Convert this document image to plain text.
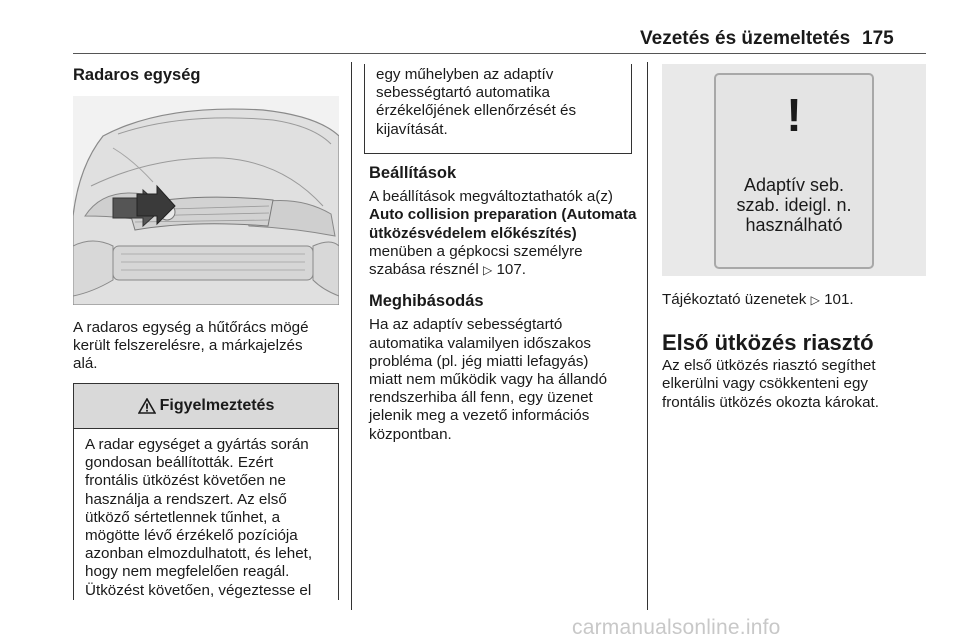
Vezetés és üzemeltetés 175
Radaros egység
A radaros egység a hűtőrács mögé
került felszerelésre, a márkajelzés
alá.
Figyelmeztetés
A radar egységet a gyártás során
gondosan beállították. Ezért
frontális ütközést követően ne
használja a rendszert. Az első
ütköző sértetlennek tűnhet, a
mögötte lévő érzékelő pozíciója
azonban elmozdulhatott, és lehet,
hogy nem megfelelően reagál.
Ütközést követően, végeztesse el
egy műhelyben az adaptív
sebességtartó automatika
érzékelőjének ellenőrzését és
kijavítását.
Beállítások
A beállítások megváltoztathatók a(z)
Auto collision preparation (Automata
ütközésvédelem előkészítés)
menüben a gépkocsi személyre
szabása résznél ▷ 107.
Meghibásodás
Ha az adaptív sebességtartó
automatika valamilyen időszakos
probléma (pl. jég miatti lefagyás)
miatt nem működik vagy ha állandó
rendszerhiba áll fenn, egy üzenet
jelenik meg a vezető információs
központban.
!
Adaptív seb.
szab. ideigl. n.
használható
Tájékoztató üzenetek ▷ 101.
Első ütközés riasztó
Az első ütközés riasztó segíthet
elkerülni vagy csökkenteni egy
frontális ütközés okozta károkat.
carmanualsonline.info
